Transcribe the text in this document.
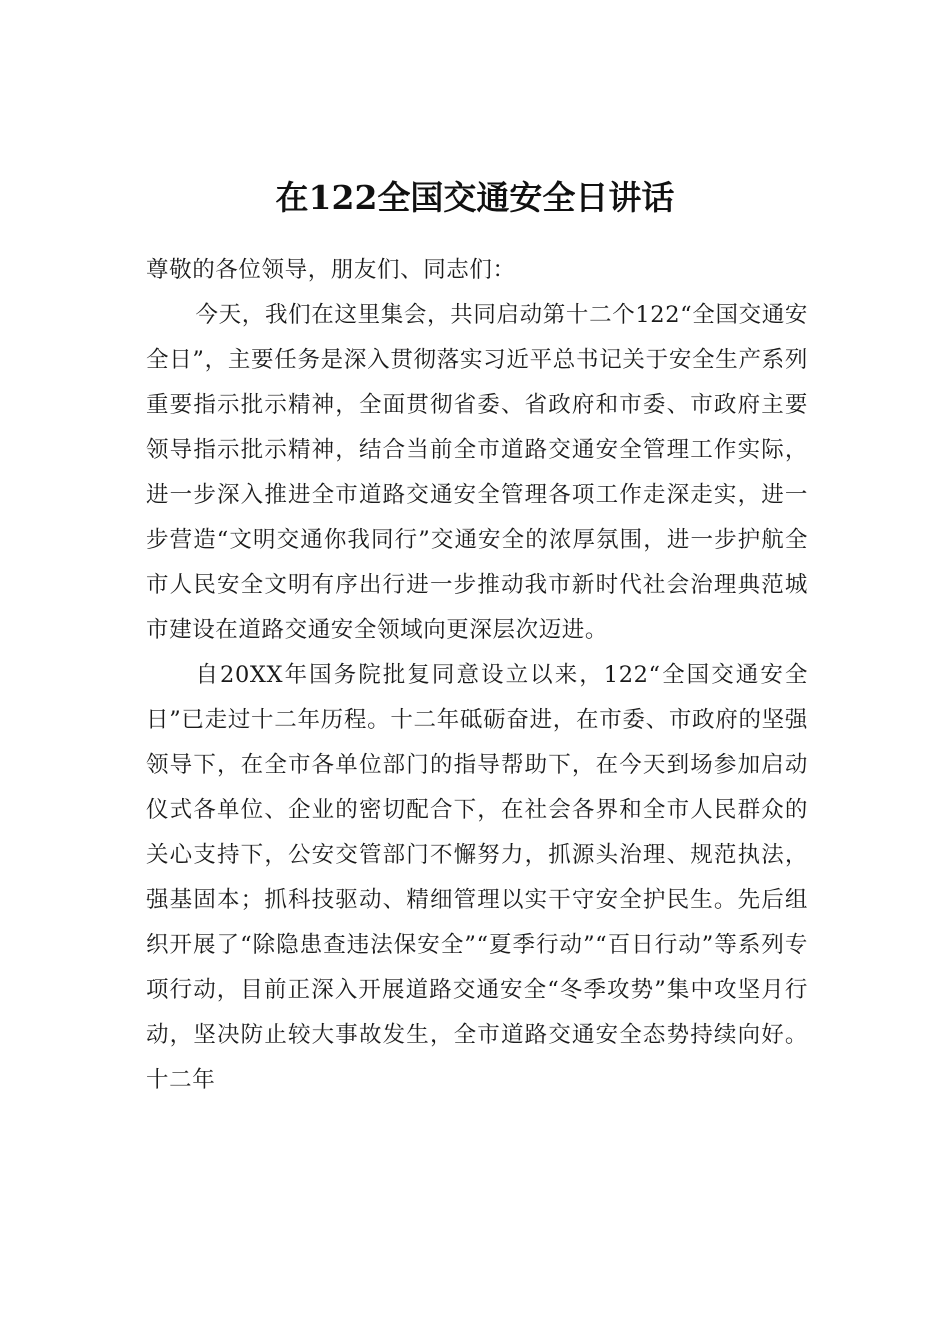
在122全国交通安全日讲话

尊敬的各位领导，朋友们、同志们：

今天，我们在这里集会，共同启动第十二个122“全国交通安全日”，主要任务是深入贯彻落实习近平总书记关于安全生产系列重要指示批示精神，全面贯彻省委、省政府和市委、市政府主要领导指示批示精神，结合当前全市道路交通安全管理工作实际，进一步深入推进全市道路交通安全管理各项工作走深走实，进一步营造“文明交通你我同行”交通安全的浓厚氛围，进一步护航全市人民安全文明有序出行进一步推动我市新时代社会治理典范城市建设在道路交通安全领域向更深层次迈进。

自20XX年国务院批复同意设立以来，122“全国交通安全日”已走过十二年历程。十二年砥砺奋进，在市委、市政府的坚强领导下，在全市各单位部门的指导帮助下，在今天到场参加启动仪式各单位、企业的密切配合下，在社会各界和全市人民群众的关心支持下，公安交管部门不懈努力，抓源头治理、规范执法，强基固本；抓科技驱动、精细管理以实干守安全护民生。先后组织开展了“除隐患查违法保安全”“夏季行动”“百日行动”等系列专项行动，目前正深入开展道路交通安全“冬季攻势”集中攻坚月行动，坚决防止较大事故发生，全市道路交通安全态势持续向好。十二年
